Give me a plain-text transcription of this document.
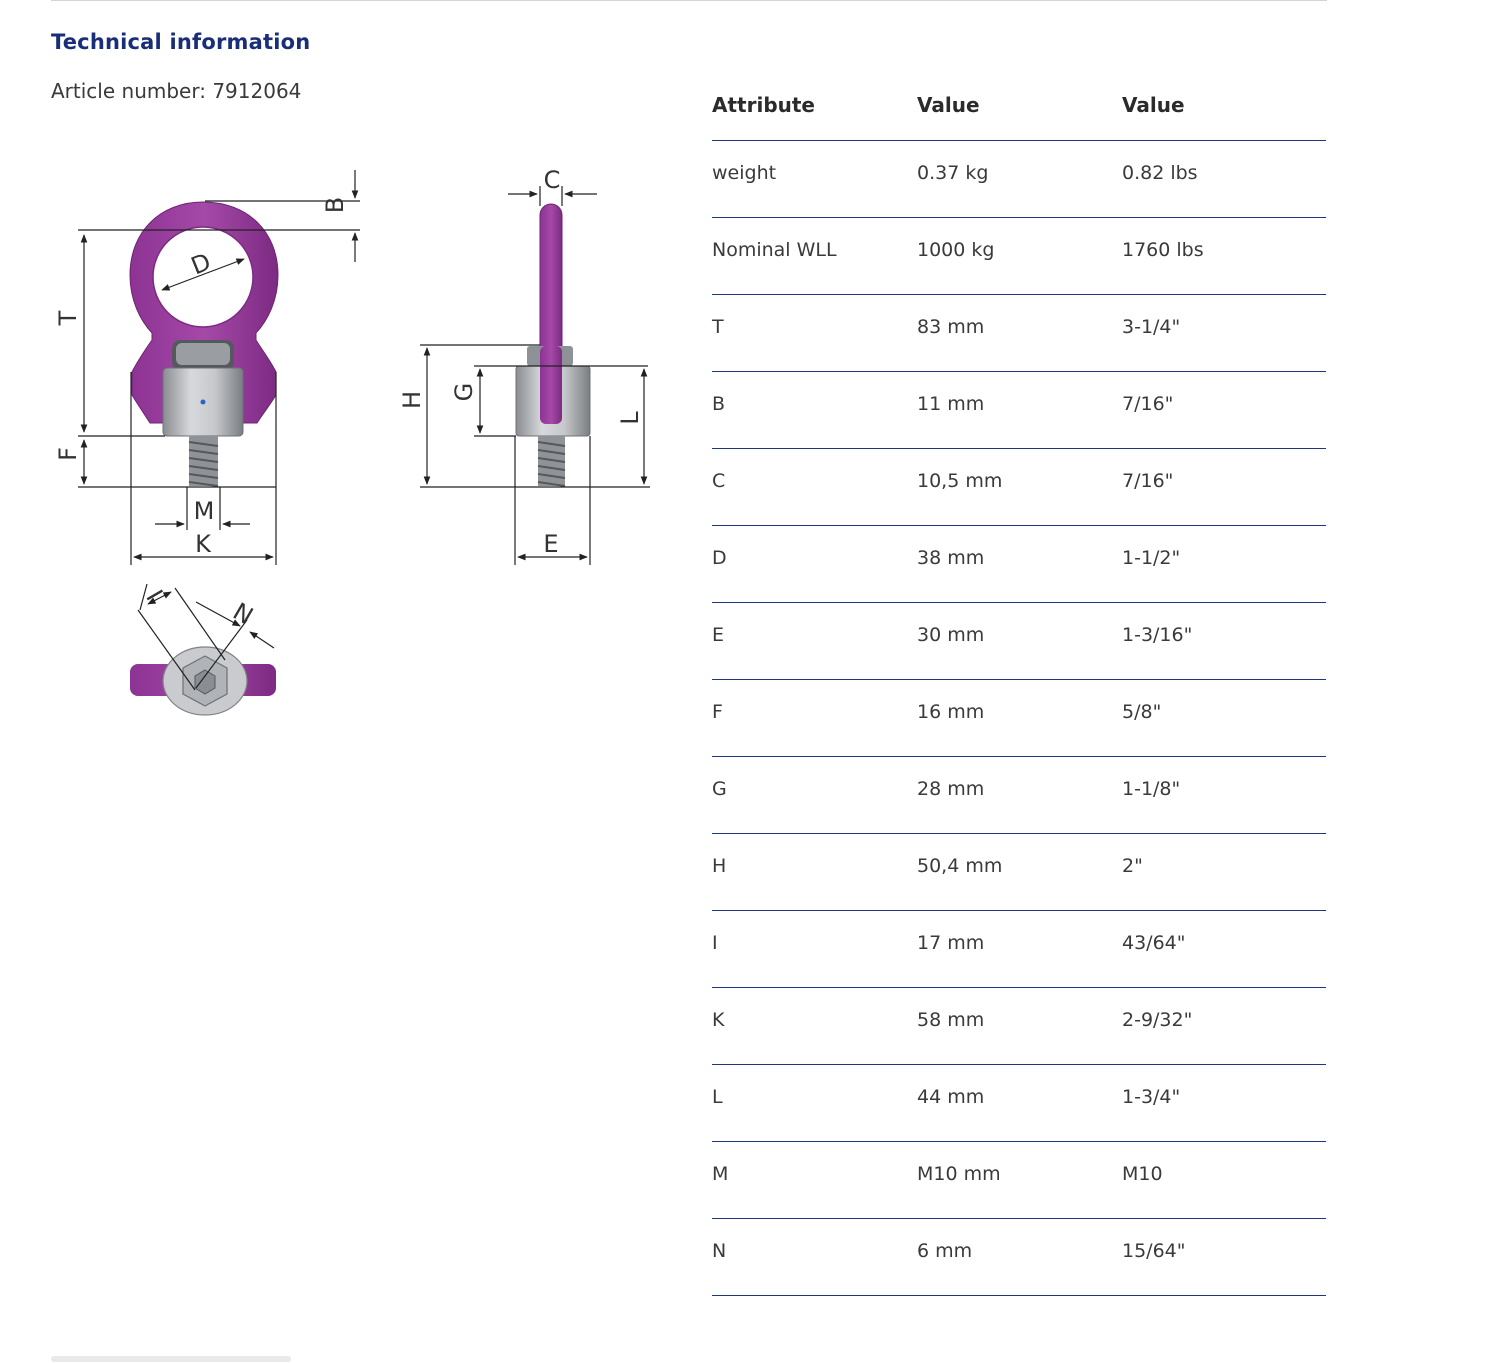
Technical information
Article number: 7912064
B
T
F
D
M
K
C
H G
L
E
I
N
Attribute	Value	Value
weight	0.37 kg	0.82 lbs
Nominal WLL	1000 kg	1760 lbs
T	83 mm	3-1/4"
B	11 mm	7/16"
C	10,5 mm	7/16"
D	38 mm	1-1/2"
E	30 mm	1-3/16"
F	16 mm	5/8"
G	28 mm	1-1/8"
H	50,4 mm	2"
I	17 mm	43/64"
K	58 mm	2-9/32"
L	44 mm	1-3/4"
M	M10 mm	M10
N	6 mm	15/64"
